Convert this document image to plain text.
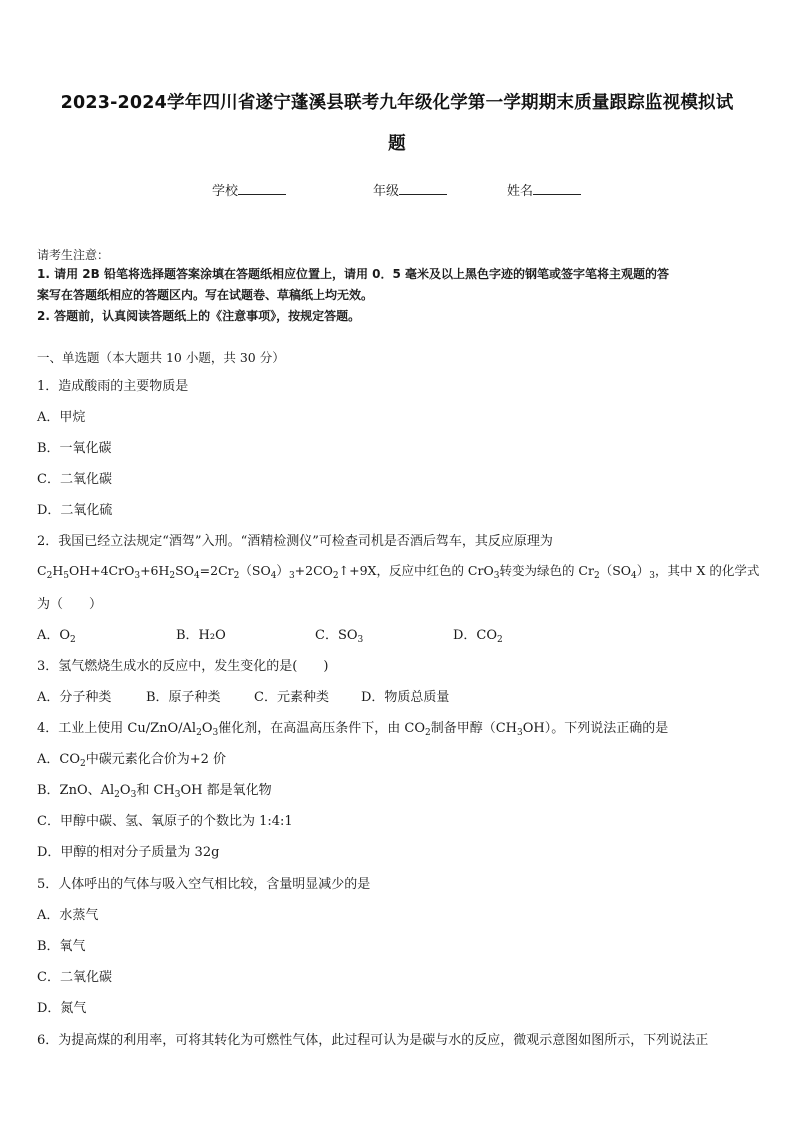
2023-2024学年四川省遂宁蓬溪县联考九年级化学第一学期期末质量跟踪监视模拟试
题
学校	年级	姓名
请考生注意：
1. 请用 2B 铅笔将选择题答案涂填在答题纸相应位置上，请用 0．5 毫米及以上黑色字迹的钢笔或签字笔将主观题的答
案写在答题纸相应的答题区内。写在试题卷、草稿纸上均无效。
2. 答题前，认真阅读答题纸上的《注意事项》，按规定答题。
一、单选题（本大题共 10 小题，共 30 分）
1．造成酸雨的主要物质是
A．甲烷
B．一氧化碳
C．二氧化碳
D．二氧化硫
2．我国已经立法规定“酒驾”入刑。“酒精检测仪”可检查司机是否酒后驾车，其反应原理为
$C_2H_5OH+4CrO_3+6H_2SO_4=2Cr_2(SO_4)_3+2CO_2↑+9X$，反应中红色的 CrO$_3$转变为绿色的 $Cr_2(SO_4)_3$，其中 X 的化学式
为（　　）
A．$O_2$	B．H₂O	C．$SO_3$	D．$CO_2$
3．氢气燃烧生成水的反应中，发生变化的是(　　)
A．分子种类	B．原子种类	C．元素种类 D．物质总质量
4．工业上使用 $Cu/ZnO/Al_2O_3$催化剂，在高温高压条件下，由 $CO_2$制备甲醇$(CH_3OH)$。下列说法正确的是
A．$CO_2$中碳元素化合价为+2 价
B．ZnO、$Al_2O_3$和 $CH_3OH$ 都是氧化物
C．甲醇中碳、氢、氧原子的个数比为 1:4:1
D．甲醇的相对分子质量为 32g
5．人体呼出的气体与吸入空气相比较，含量明显减少的是
A．水蒸气
B．氧气
C．二氧化碳
D．氮气
6．为提高煤的利用率，可将其转化为可燃性气体，此过程可认为是碳与水的反应，微观示意图如图所示，下列说法正
